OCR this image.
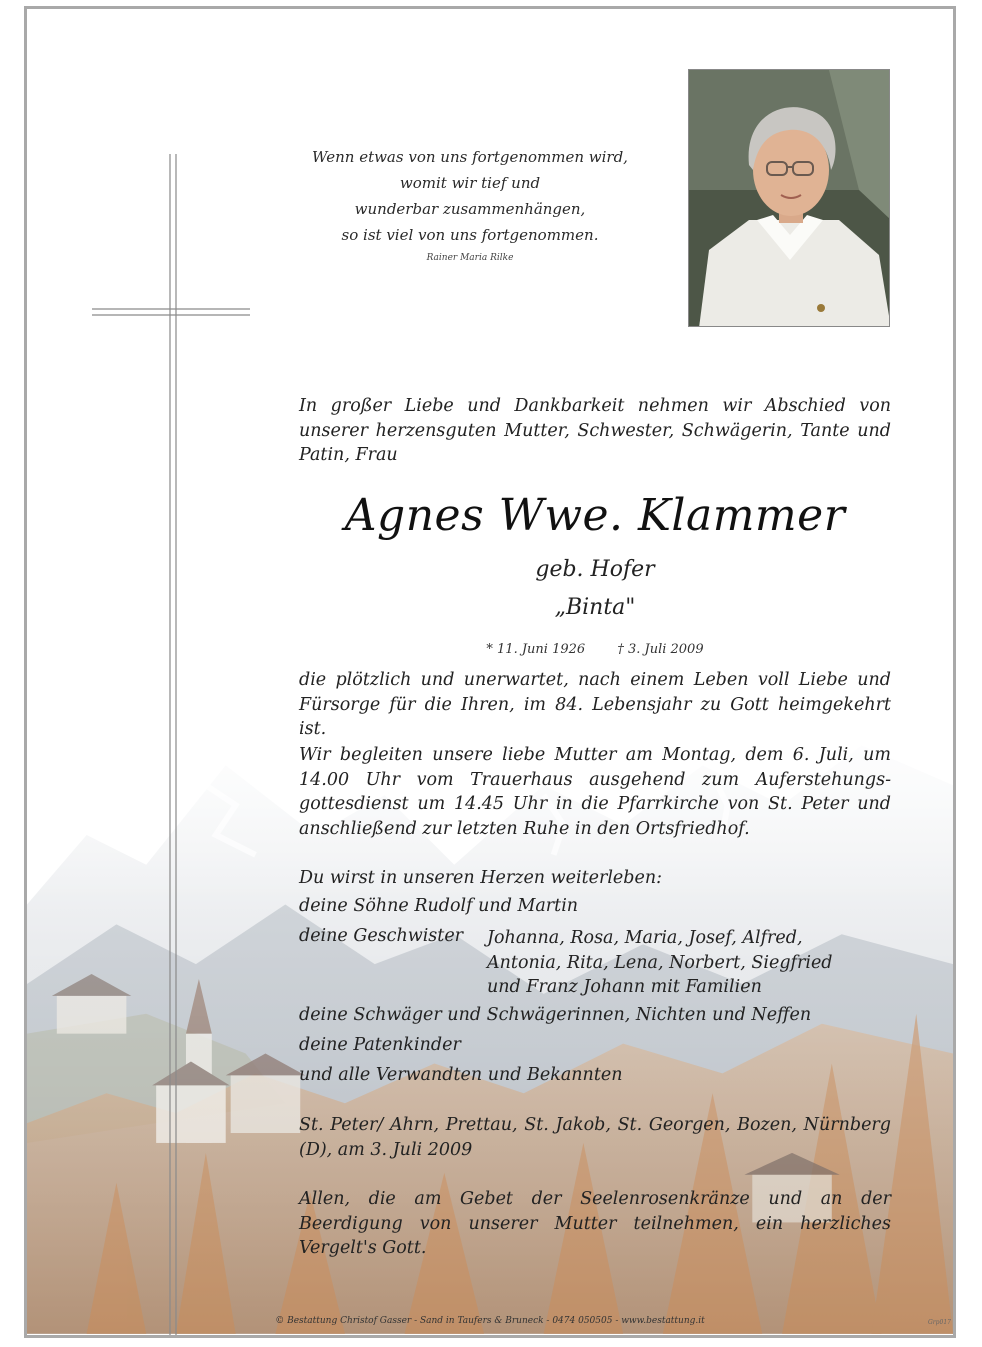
Wenn etwas von uns fortgenommen wird,
womit wir tief und
wunderbar zusammenhängen,
so ist viel von uns fortgenommen.
Rainer Maria Rilke
In großer Liebe und Dankbarkeit nehmen wir Abschied von unserer herzensguten Mutter, Schwester, Schwägerin, Tante und Patin, Frau
Agnes Wwe. Klammer
geb. Hofer
„Binta"
* 11. Juni 1926 † 3. Juli 2009
die plötzlich und unerwartet, nach einem Leben voll Liebe und Fürsorge für die Ihren, im 84. Lebensjahr zu Gott heimgekehrt ist.
Wir begleiten unsere liebe Mutter am Montag, dem 6. Juli, um 14.00 Uhr vom Trauerhaus ausgehend zum Auferstehungs-gottesdienst um 14.45 Uhr in die Pfarrkirche von St. Peter und anschließend zur letzten Ruhe in den Ortsfriedhof.
Du wirst in unseren Herzen weiterleben:
deine Söhne Rudolf und Martin
deine Geschwister Johanna, Rosa, Maria, Josef, Alfred,
Antonia, Rita, Lena, Norbert, Siegfried
und Franz Johann mit Familien
deine Schwäger und Schwägerinnen, Nichten und Neffen
deine Patenkinder
und alle Verwandten und Bekannten
St. Peter/ Ahrn, Prettau, St. Jakob, St. Georgen, Bozen, Nürnberg (D), am 3. Juli 2009
Allen, die am Gebet der Seelenrosenkränze und an der Beerdigung von unserer Mutter teilnehmen, ein herzliches Vergelt's Gott.
© Bestattung Christof Gasser - Sand in Taufers & Bruneck - 0474 050505 - www.bestattung.it	Grp017
